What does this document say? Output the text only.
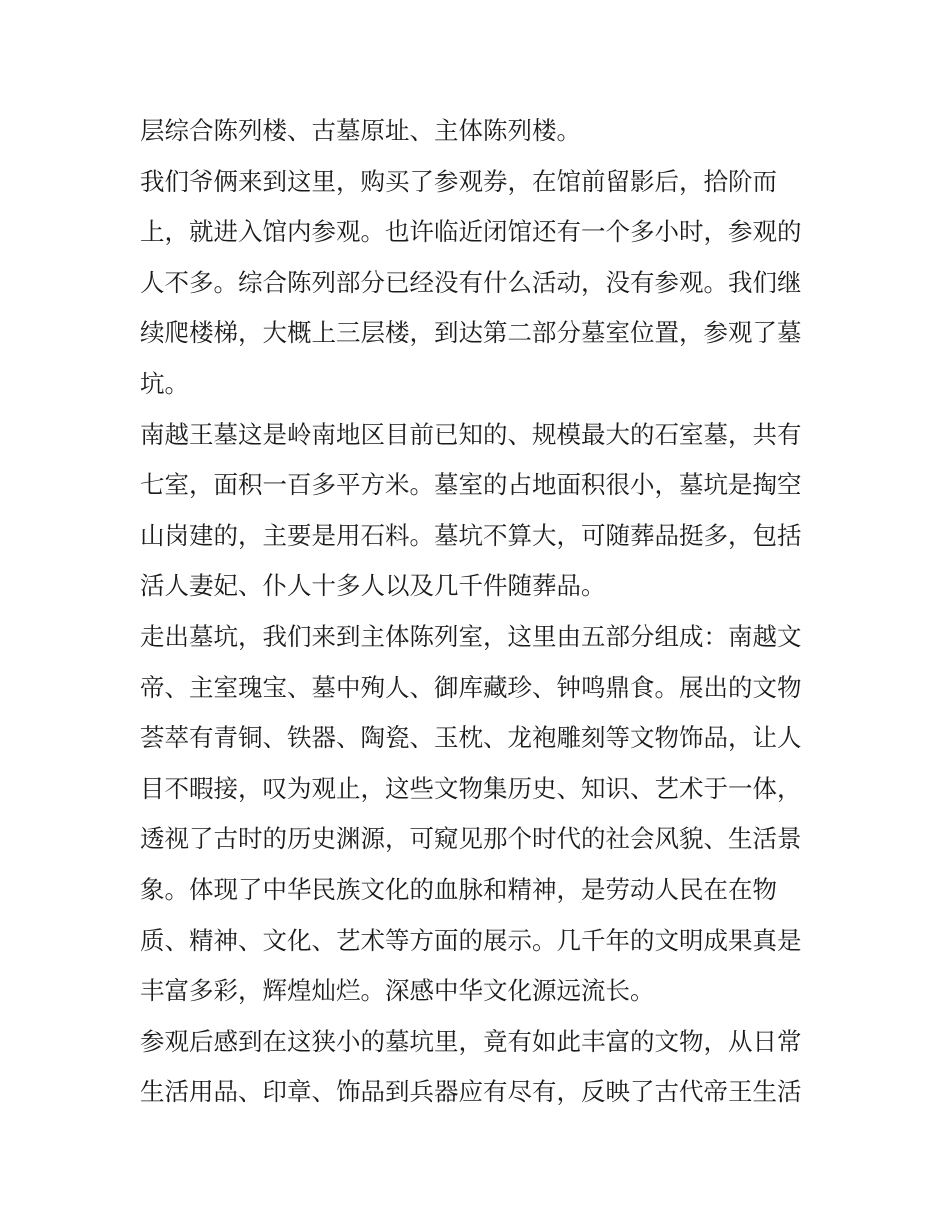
层综合陈列楼、古墓原址、主体陈列楼。
我们爷俩来到这里，购买了参观券，在馆前留影后，拾阶而
上，就进入馆内参观。也许临近闭馆还有一个多小时，参观的
人不多。综合陈列部分已经没有什么活动，没有参观。我们继
续爬楼梯，大概上三层楼，到达第二部分墓室位置，参观了墓
坑。
南越王墓这是岭南地区目前已知的、规模最大的石室墓，共有
七室，面积一百多平方米。墓室的占地面积很小，墓坑是掏空
山岗建的，主要是用石料。墓坑不算大，可随葬品挺多，包括
活人妻妃、仆人十多人以及几千件随葬品。
走出墓坑，我们来到主体陈列室，这里由五部分组成：南越文
帝、主室瑰宝、墓中殉人、御库藏珍、钟鸣鼎食。展出的文物
荟萃有青铜、铁器、陶瓷、玉枕、龙袍雕刻等文物饰品，让人
目不暇接，叹为观止，这些文物集历史、知识、艺术于一体，
透视了古时的历史渊源，可窥见那个时代的社会风貌、生活景
象。体现了中华民族文化的血脉和精神，是劳动人民在在物
质、精神、文化、艺术等方面的展示。几千年的文明成果真是
丰富多彩，辉煌灿烂。深感中华文化源远流长。
参观后感到在这狭小的墓坑里，竟有如此丰富的文物，从日常
生活用品、印章、饰品到兵器应有尽有，反映了古代帝王生活
